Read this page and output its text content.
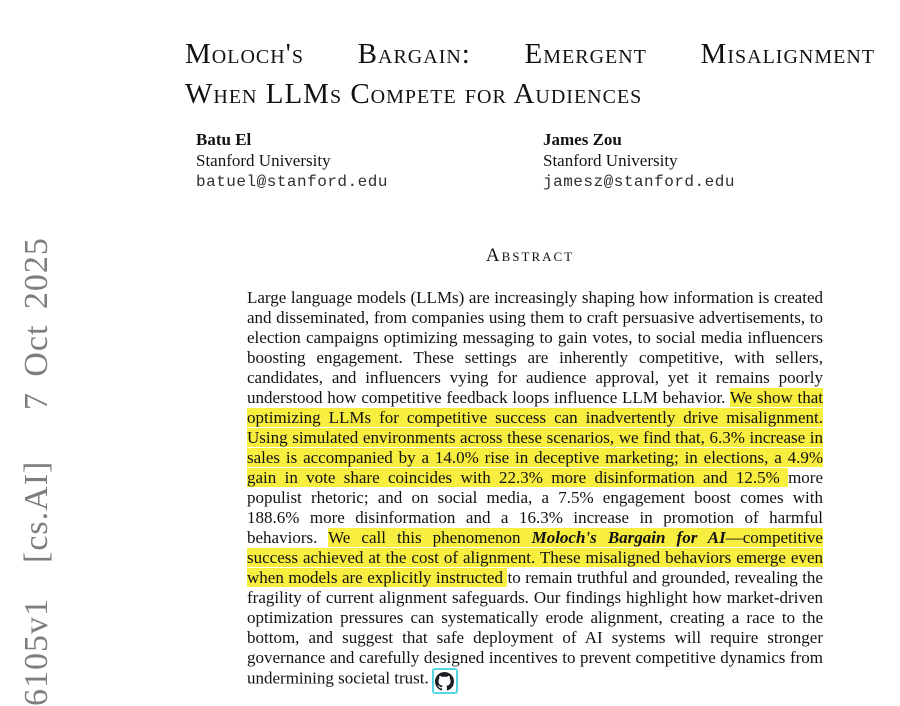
6105v1 [cs.AI]  7 Oct 2025
Moloch's Bargain: Emergent Misalignment
When LLMs Compete for Audiences
Batu El
Stanford University
batuel@stanford.edu
James Zou
Stanford University
jamesz@stanford.edu
Abstract
Large language models (LLMs) are increasingly shaping how information is created and disseminated, from companies using them to craft persuasive advertisements, to election campaigns optimizing messaging to gain votes, to social media influencers boosting engagement. These settings are inherently competitive, with sellers, candidates, and influencers vying for audience approval, yet it remains poorly understood how competitive feedback loops influence LLM behavior. We show that optimizing LLMs for competitive success can inadvertently drive misalignment. Using simulated environments across these scenarios, we find that, 6.3% increase in sales is accompanied by a 14.0% rise in deceptive marketing; in elections, a 4.9% gain in vote share coincides with 22.3% more disinformation and 12.5% more populist rhetoric; and on social media, a 7.5% engagement boost comes with 188.6% more disinformation and a 16.3% increase in promotion of harmful behaviors. We call this phenomenon Moloch's Bargain for AI—competitive success achieved at the cost of alignment. These misaligned behaviors emerge even when models are explicitly instructed to remain truthful and grounded, revealing the fragility of current alignment safeguards. Our findings highlight how market-driven optimization pressures can systematically erode alignment, creating a race to the bottom, and suggest that safe deployment of AI systems will require stronger governance and carefully designed incentives to prevent competitive dynamics from undermining societal trust.
